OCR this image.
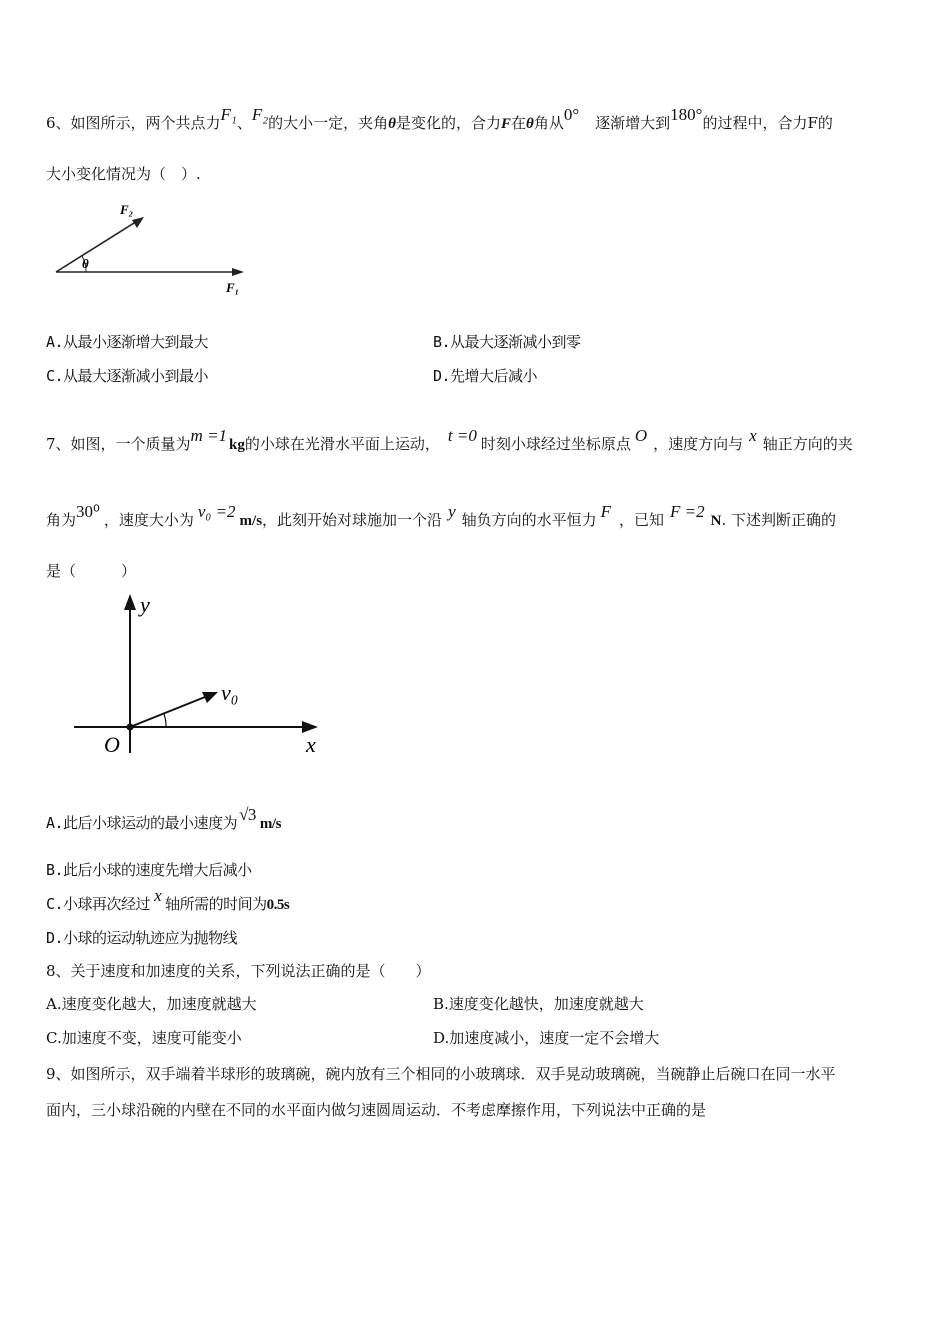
6、如图所示，两个共点力F₁、F₂的大小一定，夹角θ是变化的，合力F在θ角从0° 逐渐增大到180°的过程中，合力F的
大小变化情况为（　）.
θ
F₂
F₁
A.从最小逐渐增大到最大	B.从最大逐渐减小到零
C.从最大逐渐减小到最小	D.先增大后减小
7、如图，一个质量为m =1 kg的小球在光滑水平面上运动， t =0 时刻小球经过坐标原点 O ，速度方向与 x 轴正方向的夹
角为30⁰ ，速度大小为 v₀ =2 m/s，此刻开始对球施加一个沿 y 轴负方向的水平恒力 F ，已知 F =2 N. 下述判断正确的
是（　　　）
y
x
O
v₀
A.此后小球运动的最小速度为 √3 m/s
B.此后小球的速度先增大后减小
C.小球再次经过 x 轴所需的时间为0.5s
D.小球的运动轨迹应为抛物线
8、关于速度和加速度的关系，下列说法正确的是（　　）
A.速度变化越大，加速度就越大	B.速度变化越快，加速度就越大
C.加速度不变，速度可能变小	D.加速度减小，速度一定不会增大
9、如图所示，双手端着半球形的玻璃碗，碗内放有三个相同的小玻璃球．双手晃动玻璃碗，当碗静止后碗口在同一水平
面内，三小球沿碗的内壁在不同的水平面内做匀速圆周运动．不考虑摩擦作用，下列说法中正确的是
